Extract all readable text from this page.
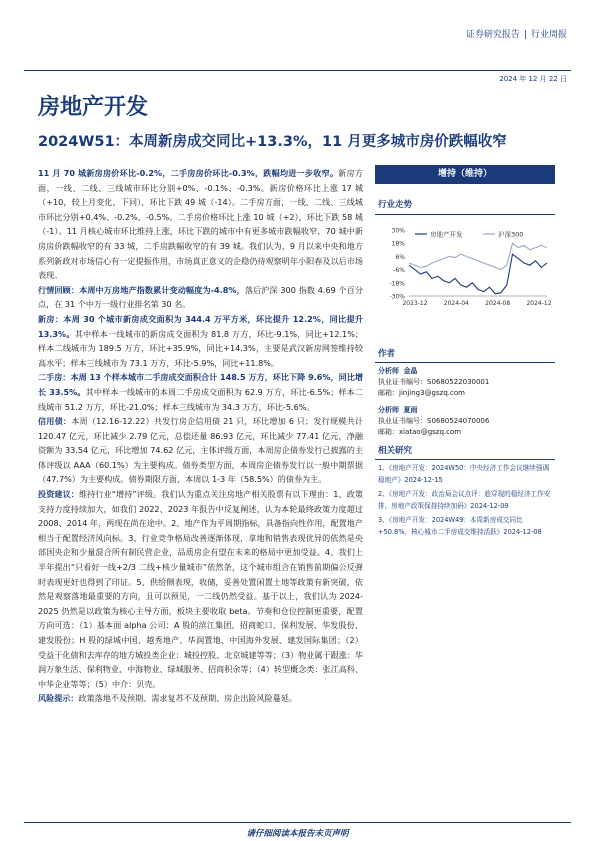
证券研究报告 | 行业周报
2024 年 12 月 22 日
房地产开发
2024W51：本周新房成交同比+13.3%，11 月更多城市房价跌幅收窄

11 月 70 城新房房价环比-0.2%，二手房房价环比-0.3%，跌幅均进一步收窄。新房方面，一线、二线、三线城市环比分别+0%、-0.1%、-0.3%。新房价格环比上涨 17 城（+10，较上月变化，下同），环比下跌 49 城（-14）。二手房方面，一线、二线、三线城市环比分别+0.4%、-0.2%、-0.5%。二手房价格环比上涨 10 城（+2），环比下跌 58 城（-1）。11 月核心城市环比维持上涨，环比下跌的城市中有更多城市跌幅收窄，70 城中新房房价跌幅收窄的有 33 城，二手房跌幅收窄的有 39 城。我们认为，9 月以来中央和地方系列新政对市场信心有一定提振作用，市场真正意义的企稳仍待观察明年小阳春及以后市场表现。

行情回顾：本周中万房地产指数累计变动幅度为-4.8%，落后沪深 300 指数 4.69 个百分点，在 31 个中万一级行业排名第 30 名。

新房：本周 30 个城市新房成交面积为 344.4 万平方米，环比提升 12.2%，同比提升 13.3%。其中样本一线城市的新房成交面积为 81.8 万方，环比-9.1%，同比+12.1%；样本二线城市为 189.5 万方，环比+35.9%，同比+14.3%，主要是武汉新房网签维持较高水平；样本三线城市为 73.1 万方，环比-5.9%，同比+11.8%。

二手房：本周 13 个样本城市二手房成交面积合计 148.5 万方，环比下降 9.6%，同比增长 33.5%。其中样本一线城市的本周二手房成交面积为 62.9 万方，环比-6.5%；样本二线城市 51.2 万方，环比-21.0%；样本三线城市为 34.3 万方，环比-5.6%。

信用债：本周（12.16-12.22）共发行房企信用债 21 只，环比增加 6 只；发行规模共计 120.47 亿元，环比减少 2.79 亿元，总偿还量 86.93 亿元，环比减少 77.41 亿元，净融资额为 33.54 亿元，环比增加 74.62 亿元，主体评级方面，本周房企债券发行已披露的主体评级以 AAA（60.1%）为主要构成。债券类型方面，本周房企债券发行以一般中期票据（47.7%）为主要构成。债券期限方面，本周以 1-3 年（58.5%）的债券为主。

投资建议：维持行业“增持”评级。我们认为重点关注房地产相关股票有以下理由：1、政策支持力度持续加大，如我们 2022、2023 年报告中反复阐述，认为本轮最终政策力度超过 2008、2014 年，两现在尚在途中。2、地产作为平周期指标，具备指向性作用，配置地产相当于配置经济风向标。3、行业竞争格局改善逐渐体现，拿地和销售表现优异的依然是央部国央企和少量混合所有制民营企业，品质房企有望在未来的格局中更加受益。4、我们上半年提出“只看好一线+2/3 二线+核少量城市”依然条，这个城市组合在销售前期偏公反弹时表现更好也得到了印证。5、供给侧表现，收储，妥善处置闲置土地等政策有新突破，依然是观察落地最重要的方向，且可以预见，一二线仍然受益。基于以上，我们认为 2024-2025 仍然是以政策为核心主导方面，板块主要收取 beta。节奏和仓位控制更重要，配置方向可选：（1）基本面 alpha 公司：A 股的滨江集团、招商蛇口、保利发展、华发股份、建发股份；H 股的绿城中国、越秀地产、华润置地、中国海外发展、建发国际集团；（2）受益于化债和去库存的地方城投类企业：城投控股、北京城建等等；（3）物业属于跟涨：华润万象生活、保利物业、中海物业、绿城服务、招商积余等；（4）转型概念类：张江高科、中华企业等等；（5）中介：贝壳。

风险提示：政策落地不及预期、需求复苏不及预期、房企出险风险蔓延。

增持（维持）
行业走势
30%
18%
6%
-6%
-18%
-30%
2023-12	2024-04	2024-08	2024-12
房地产开发	沪深300
作者
分析师 金晶
执业证书编号：S0680522030001
邮箱：jinjing3@gszq.com
分析师 夏雨
执业证书编号：S0680524070006
邮箱：xiatao@gszq.com
相关研究
1、《房地产开发：2024W50：中央经济工作会议继续强调稳地产》2024-12-15
2、《房地产开发：政治局会议点评：趁穿现的稳经济工作安排，房地产政策保持持续加码》2024-12-09
3、《房地产开发：2024W49：本周新房成交同比+50.8%，核心城市二手房成交维持活跃》2024-12-08
请仔细阅读本报告末页声明
